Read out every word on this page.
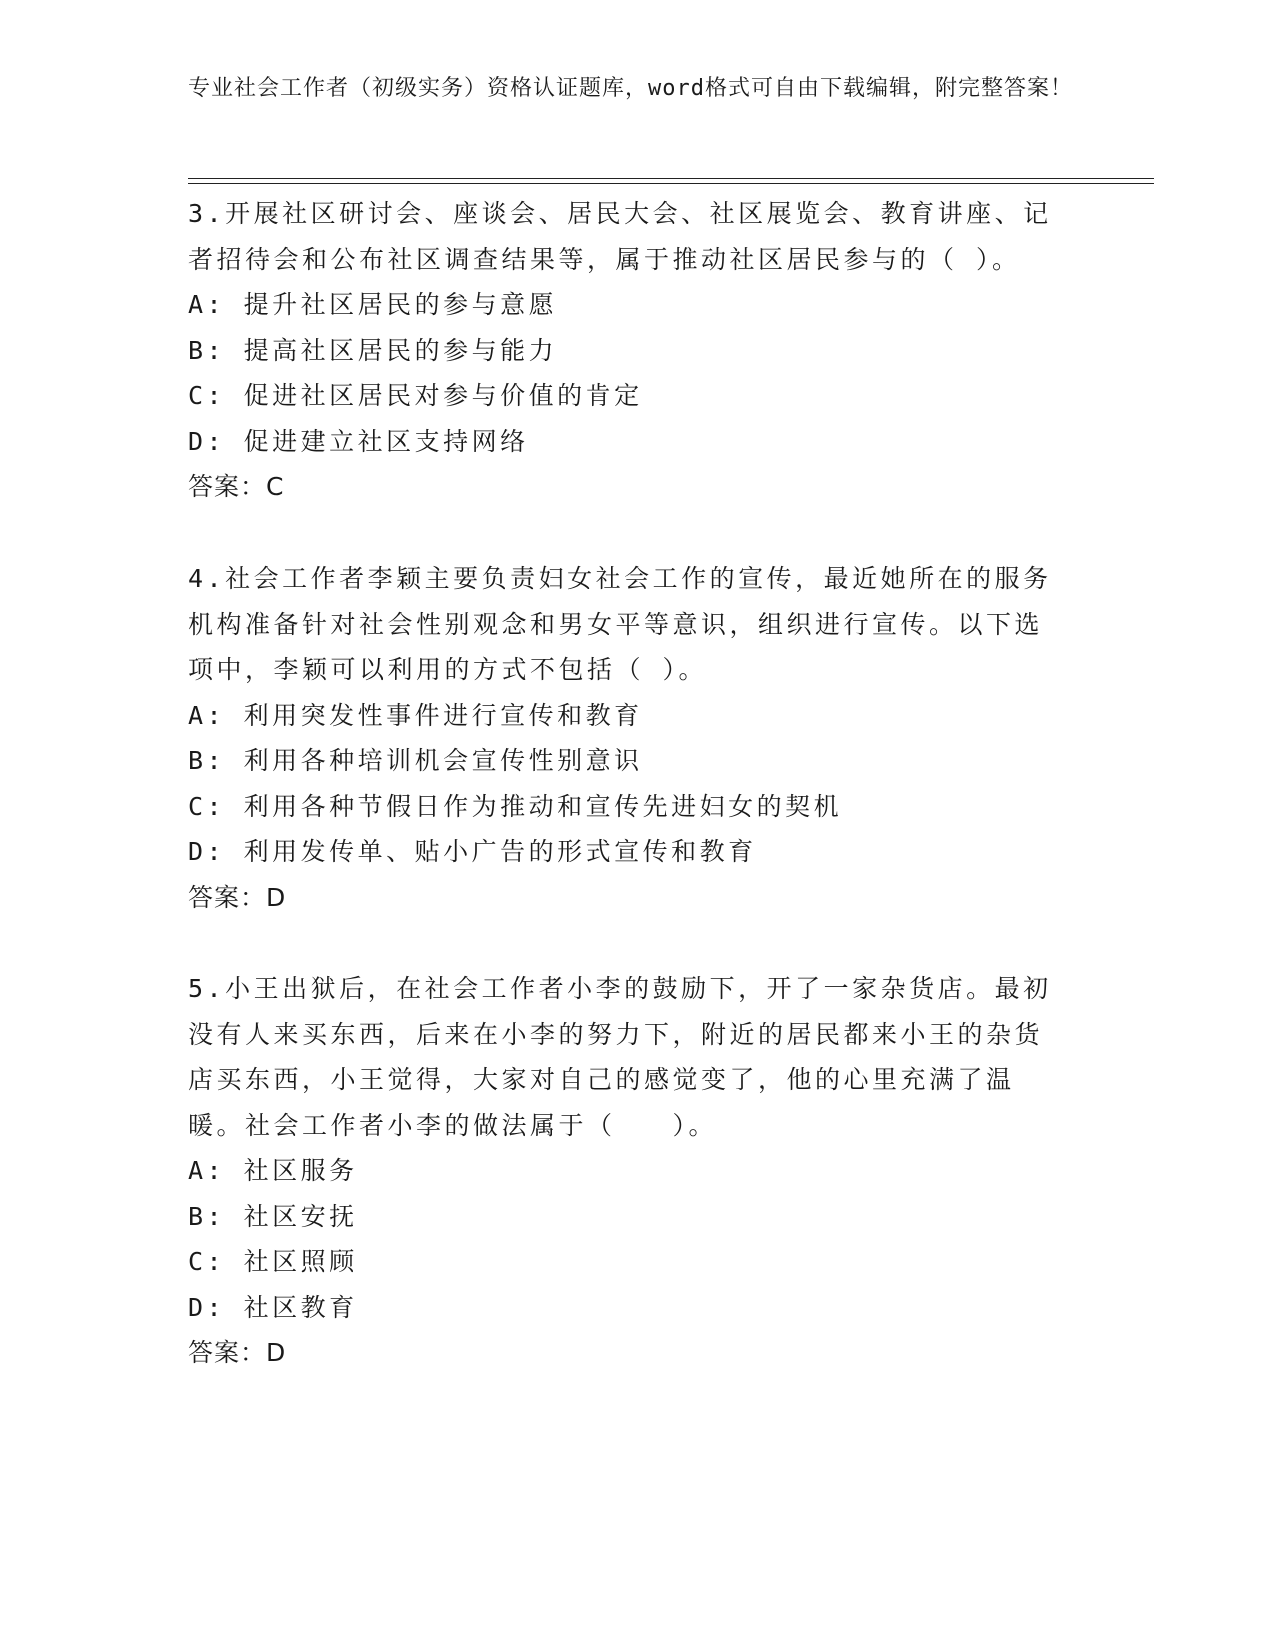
专业社会工作者（初级实务）资格认证题库，word格式可自由下载编辑，附完整答案！

3.开展社区研讨会、座谈会、居民大会、社区展览会、教育讲座、记者招待会和公布社区调查结果等，属于推动社区居民参与的（ ）。

A: 提升社区居民的参与意愿

B: 提高社区居民的参与能力

C: 促进社区居民对参与价值的肯定

D: 促进建立社区支持网络

答案：C

4.社会工作者李颖主要负责妇女社会工作的宣传，最近她所在的服务机构准备针对社会性别观念和男女平等意识，组织进行宣传。以下选项中，李颖可以利用的方式不包括（ ）。

A: 利用突发性事件进行宣传和教育

B: 利用各种培训机会宣传性别意识

C: 利用各种节假日作为推动和宣传先进妇女的契机

D: 利用发传单、贴小广告的形式宣传和教育

答案：D

5.小王出狱后，在社会工作者小李的鼓励下，开了一家杂货店。最初没有人来买东西，后来在小李的努力下，附近的居民都来小王的杂货店买东西，小王觉得，大家对自己的感觉变了，他的心里充满了温暖。社会工作者小李的做法属于（　　）。

A: 社区服务

B: 社区安抚

C: 社区照顾

D: 社区教育

答案：D
